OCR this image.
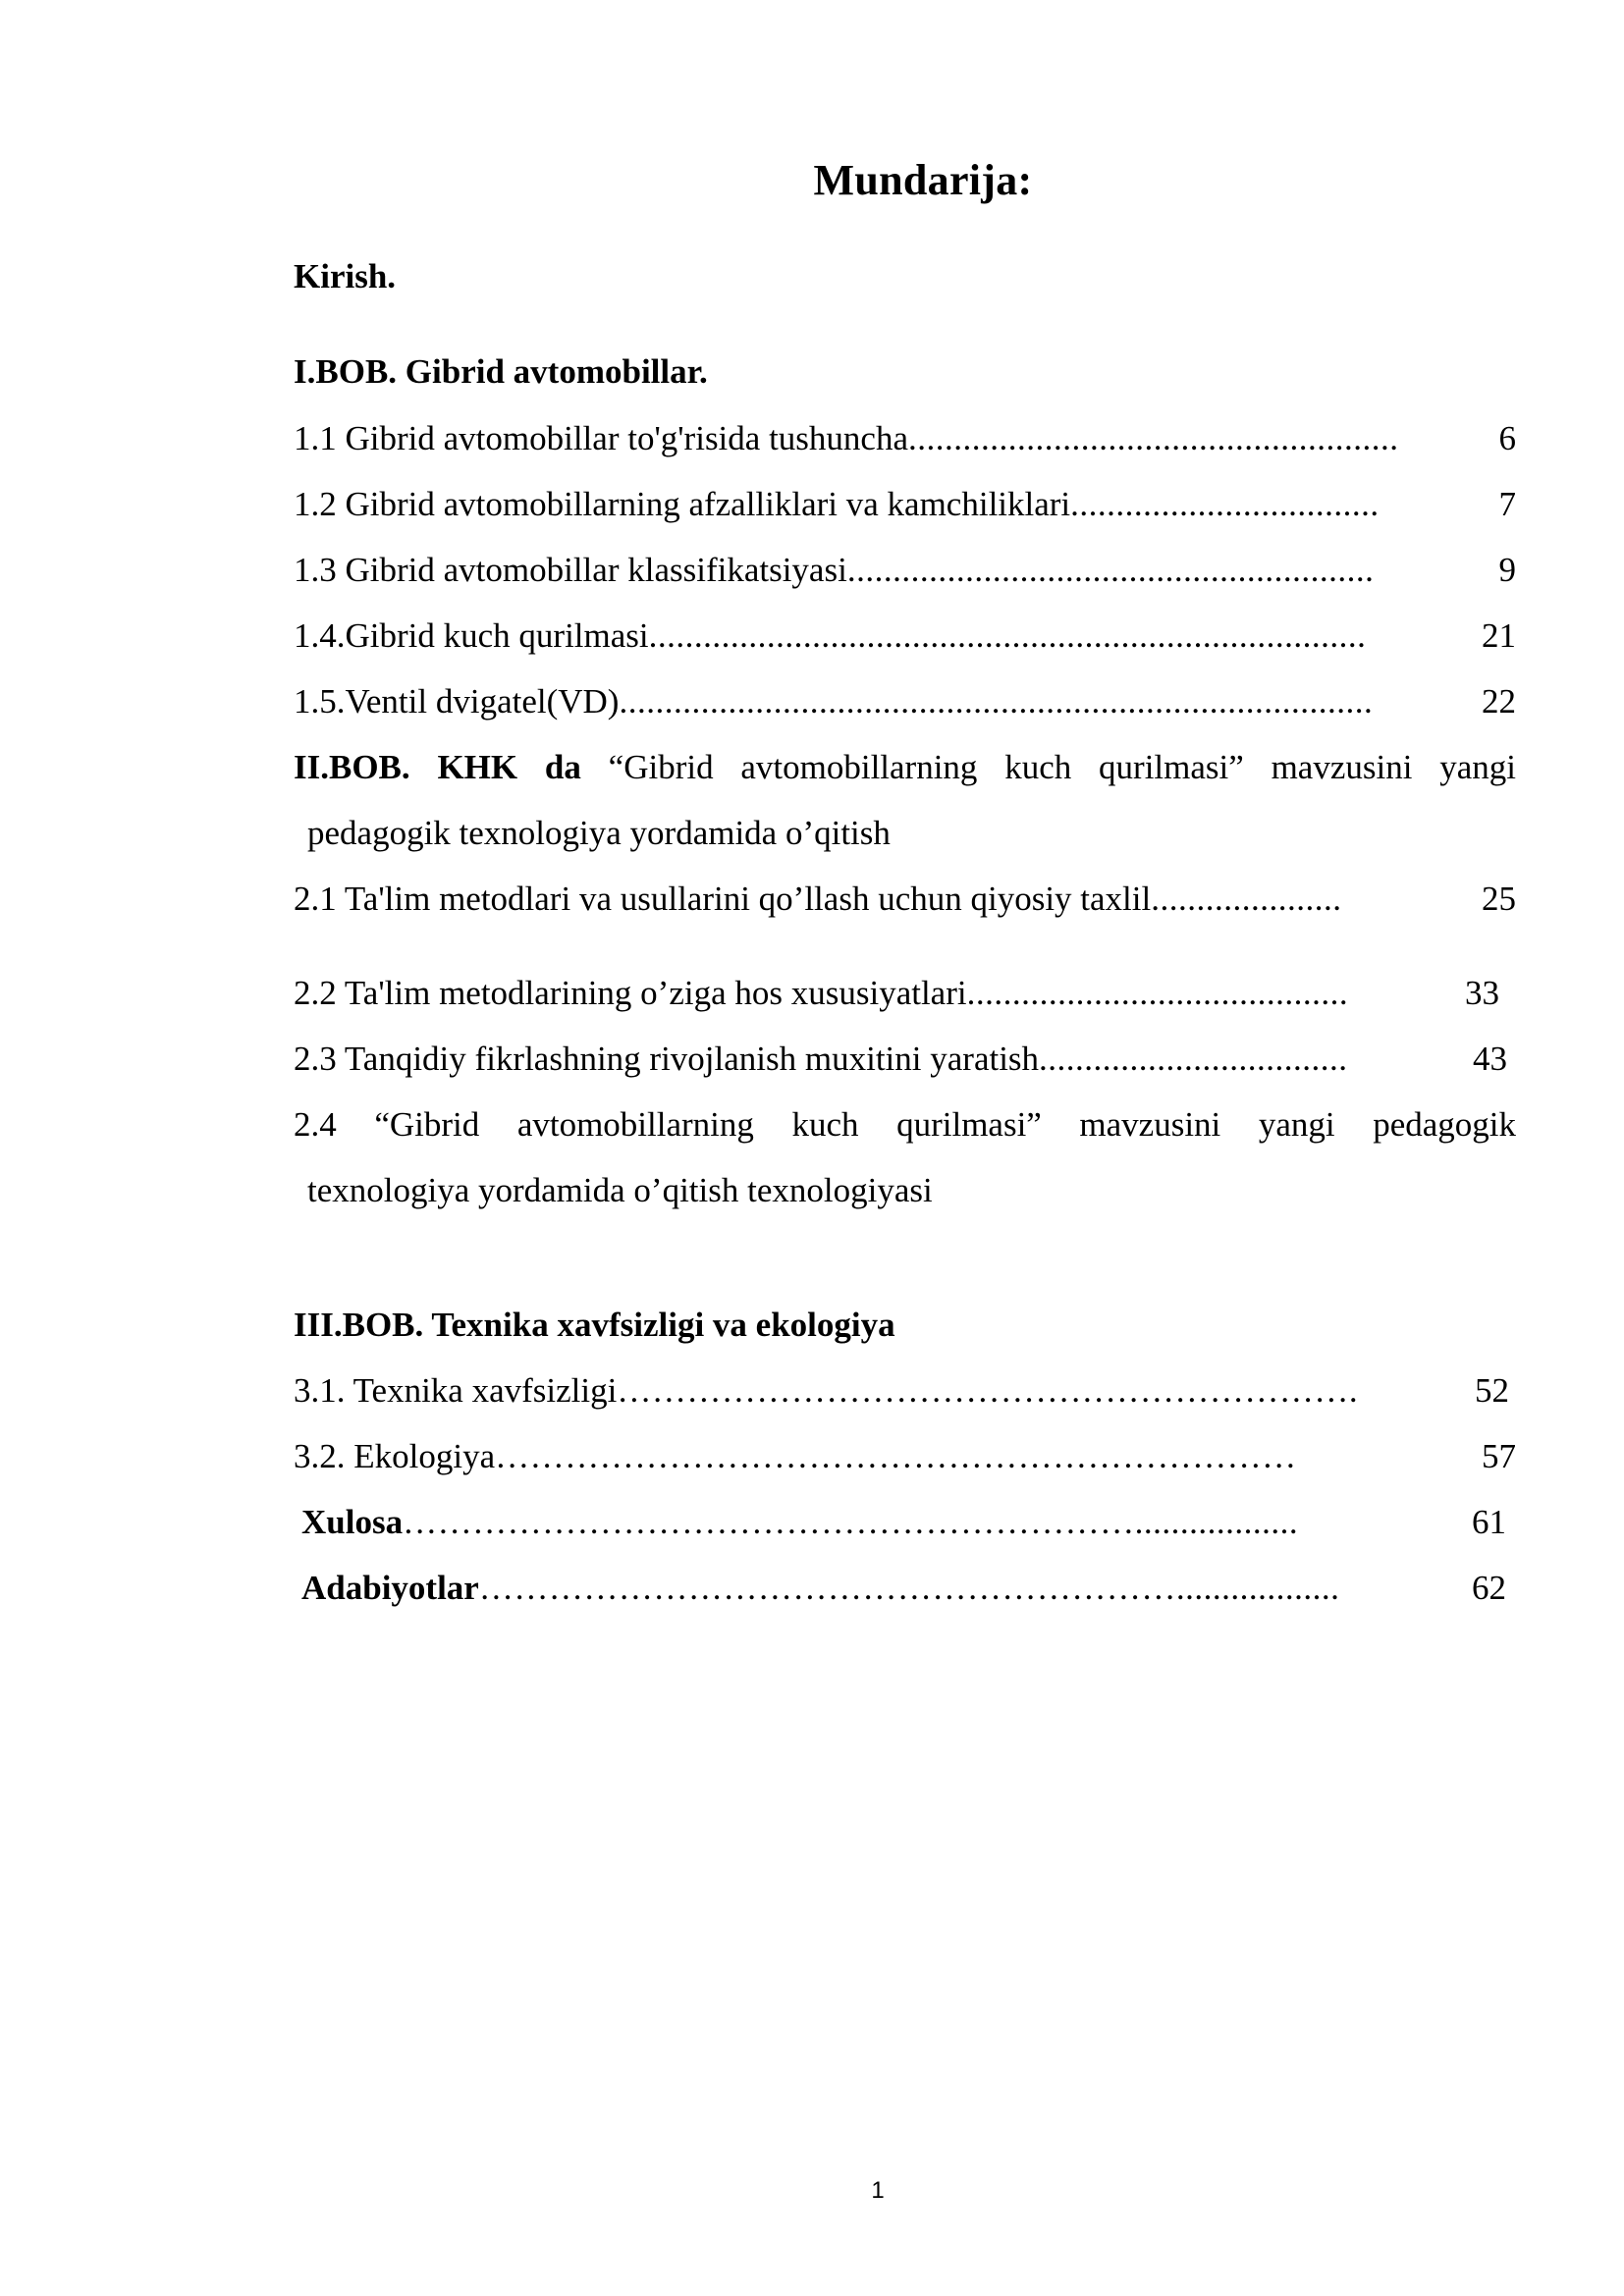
Mundarija:
Kirish.
I.BOB. Gibrid avtomobillar.
1.1 Gibrid avtomobillar to'g'risida tushuncha ......................................................	6
1.2 Gibrid avtomobillarning afzalliklari va kamchiliklari ..................................	7
1.3 Gibrid avtomobillar klassifikatsiyasi ..........................................................	9
1.4.Gibrid kuch qurilmasi ...............................................................................	21
1.5.Ventil dvigatel(VD) ...................................................................................	22
II.BOB. KHK da “Gibrid avtomobillarning kuch qurilmasi” mavzusini yangi
pedagogik texnologiya yordamida o’qitish
2.1 Ta'lim metodlari va usullarini qo’llash uchun qiyosiy taxlil .....................	25
2.2 Ta'lim metodlarining o’ziga hos xususiyatlari ..........................................	33
2.3 Tanqidiy fikrlashning rivojlanish muxitini yaratish ..................................	43
2.4 “Gibrid avtomobillarning kuch qurilmasi” mavzusini yangi pedagogik
texnologiya yordamida o’qitish texnologiyasi
III.BOB. Texnika xavfsizligi va ekologiya
3.1. Texnika xavfsizligi ……………………………………………………….	52
3.2. Ekologiya ……………………………………………………………	57
Xulosa ………………………………………………………..................	61
Adabiyotlar ……………………………………………………..................	62
1
